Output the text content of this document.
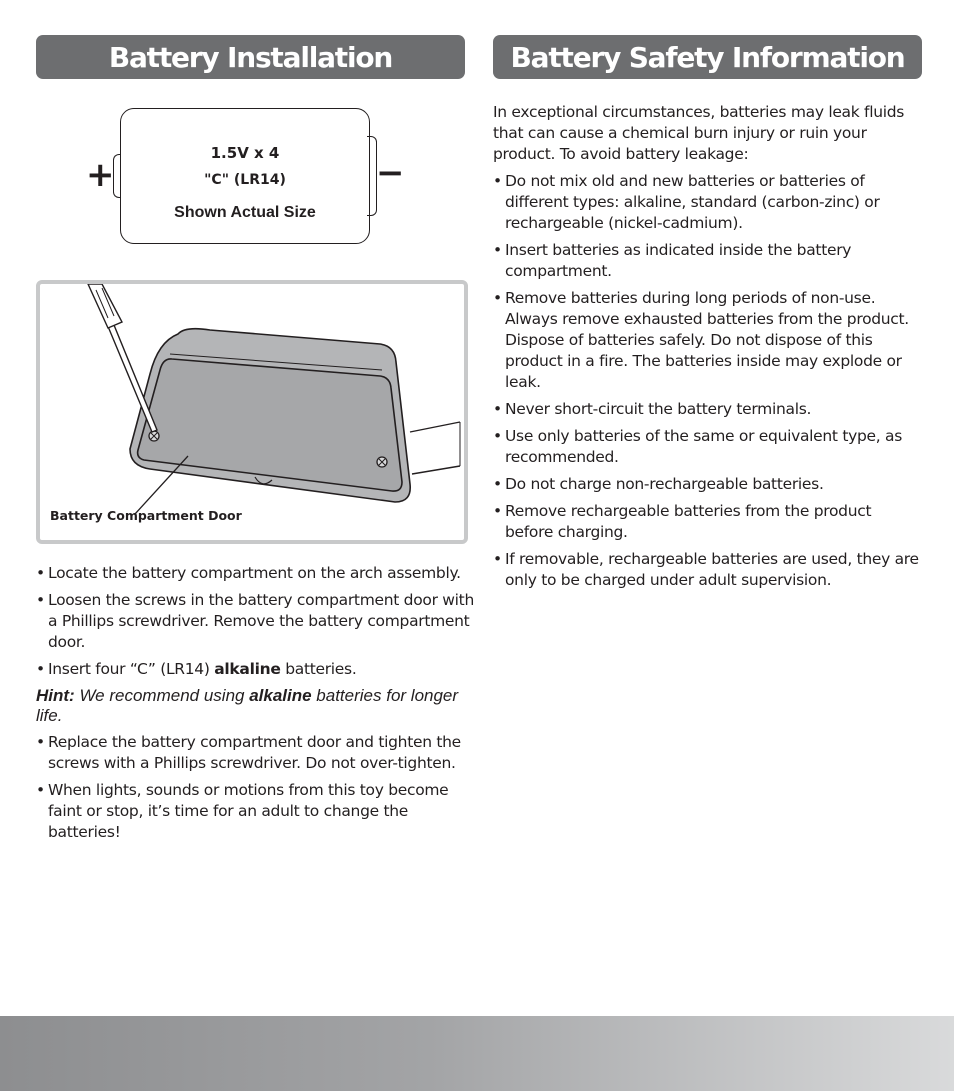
Battery Installation	Battery Safety Information
+	−
1.5V x 4
"C" (LR14)
Shown Actual Size
Battery Compartment Door
• Locate the battery compartment on the arch assembly.
• Loosen the screws in the battery compartment door with a Phillips screwdriver. Remove the battery compartment door.
• Insert four “C” (LR14) alkaline batteries.

Hint: We recommend using alkaline batteries for longer life.

• Replace the battery compartment door and tighten the screws with a Phillips screwdriver. Do not over-tighten.
• When lights, sounds or motions from this toy become faint or stop, it’s time for an adult to change the batteries!

In exceptional circumstances, batteries may leak fluids that can cause a chemical burn injury or ruin your product. To avoid battery leakage:

• Do not mix old and new batteries or batteries of different types: alkaline, standard (carbon-zinc) or rechargeable (nickel-cadmium).
• Insert batteries as indicated inside the battery compartment.
• Remove batteries during long periods of non-use. Always remove exhausted batteries from the product. Dispose of batteries safely. Do not dispose of this product in a fire. The batteries inside may explode or leak.
• Never short-circuit the battery terminals.
• Use only batteries of the same or equivalent type, as recommended.
• Do not charge non-rechargeable batteries.
• Remove rechargeable batteries from the product before charging.
• If removable, rechargeable batteries are used, they are only to be charged under adult supervision.
